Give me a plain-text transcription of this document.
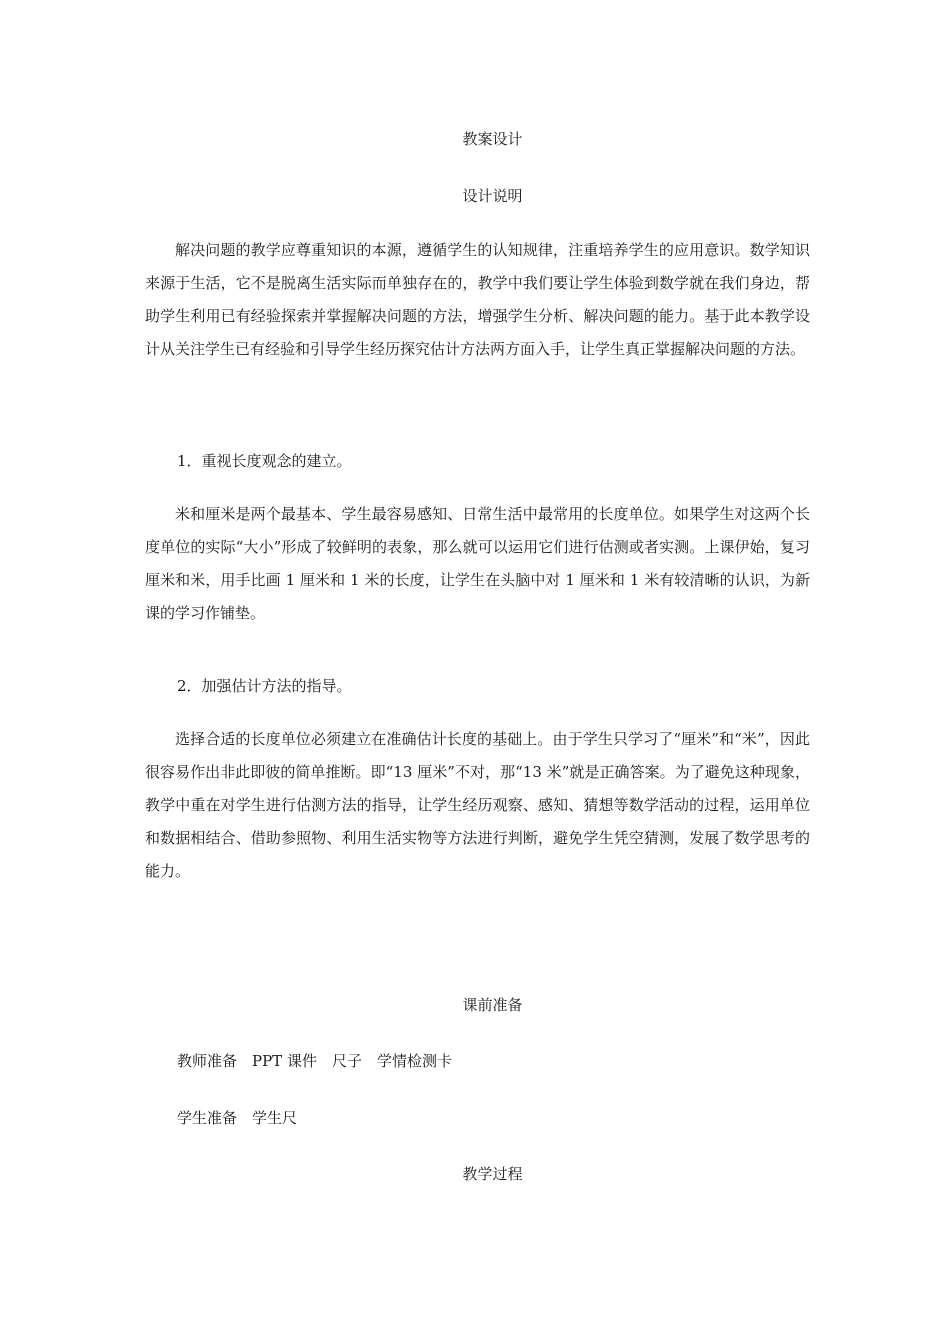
教案设计

设计说明

解决问题的教学应尊重知识的本源，遵循学生的认知规律，注重培养学生的应用意识。数学知识来源于生活，它不是脱离生活实际而单独存在的，教学中我们要让学生体验到数学就在我们身边，帮助学生利用已有经验探索并掌握解决问题的方法，增强学生分析、解决问题的能力。基于此本教学设计从关注学生已有经验和引导学生经历探究估计方法两方面入手，让学生真正掌握解决问题的方法。

1．重视长度观念的建立。

米和厘米是两个最基本、学生最容易感知、日常生活中最常用的长度单位。如果学生对这两个长度单位的实际“大小”形成了较鲜明的表象，那么就可以运用它们进行估测或者实测。上课伊始，复习厘米和米，用手比画 1 厘米和 1 米的长度，让学生在头脑中对 1 厘米和 1 米有较清晰的认识，为新课的学习作铺垫。

2．加强估计方法的指导。

选择合适的长度单位必须建立在准确估计长度的基础上。由于学生只学习了“厘米”和“米”，因此很容易作出非此即彼的简单推断。即“13 厘米”不对，那“13 米”就是正确答案。为了避免这种现象，教学中重在对学生进行估测方法的指导，让学生经历观察、感知、猜想等数学活动的过程，运用单位和数据相结合、借助参照物、利用生活实物等方法进行判断，避免学生凭空猜测，发展了数学思考的能力。

课前准备

教师准备　PPT 课件　尺子　学情检测卡

学生准备　学生尺

教学过程
